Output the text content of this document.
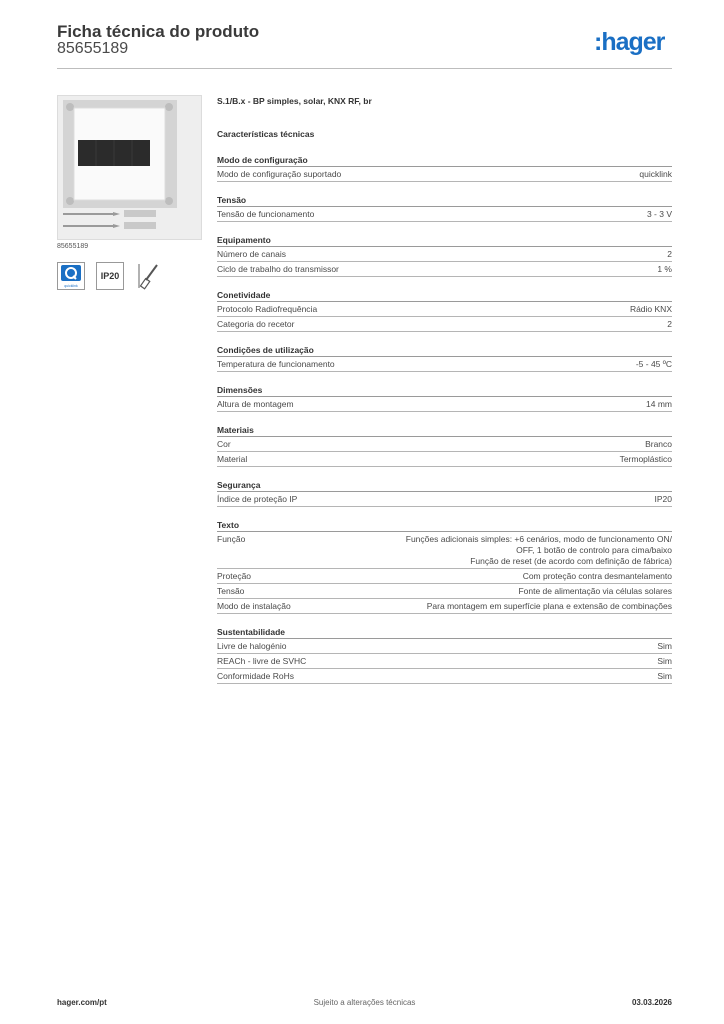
Ficha técnica do produto
85655189	:hager
85655189
quicklink
IP20
S.1/B.x - BP simples, solar, KNX RF, br
Características técnicas
Modo de configuração
Modo de configuração suportado	quicklink
Tensão
Tensão de funcionamento	3 - 3 V
Equipamento
Número de canais	2
Ciclo de trabalho do transmissor	1 %
Conetividade
Protocolo Radiofrequência	Rádio KNX
Categoria do recetor	2
Condições de utilização
Temperatura de funcionamento	-5 - 45 ºC
Dimensões
Altura de montagem	14 mm
Materiais
Cor	Branco
Material	Termoplástico
Segurança
Índice de proteção IP	IP20
Texto
Função	Funções adicionais simples: +6 cenários, modo de funcionamento ON/
OFF, 1 botão de controlo para cima/baixo
Função de reset (de acordo com definição de fábrica)
Proteção	Com proteção contra desmantelamento
Tensão	Fonte de alimentação via células solares
Modo de instalação	Para montagem em superfície plana e extensão de combinações
Sustentabilidade
Livre de halogénio	Sim
REACh - livre de SVHC	Sim
Conformidade RoHs	Sim
hager.com/pt	Sujeito a alterações técnicas	03.03.2026
